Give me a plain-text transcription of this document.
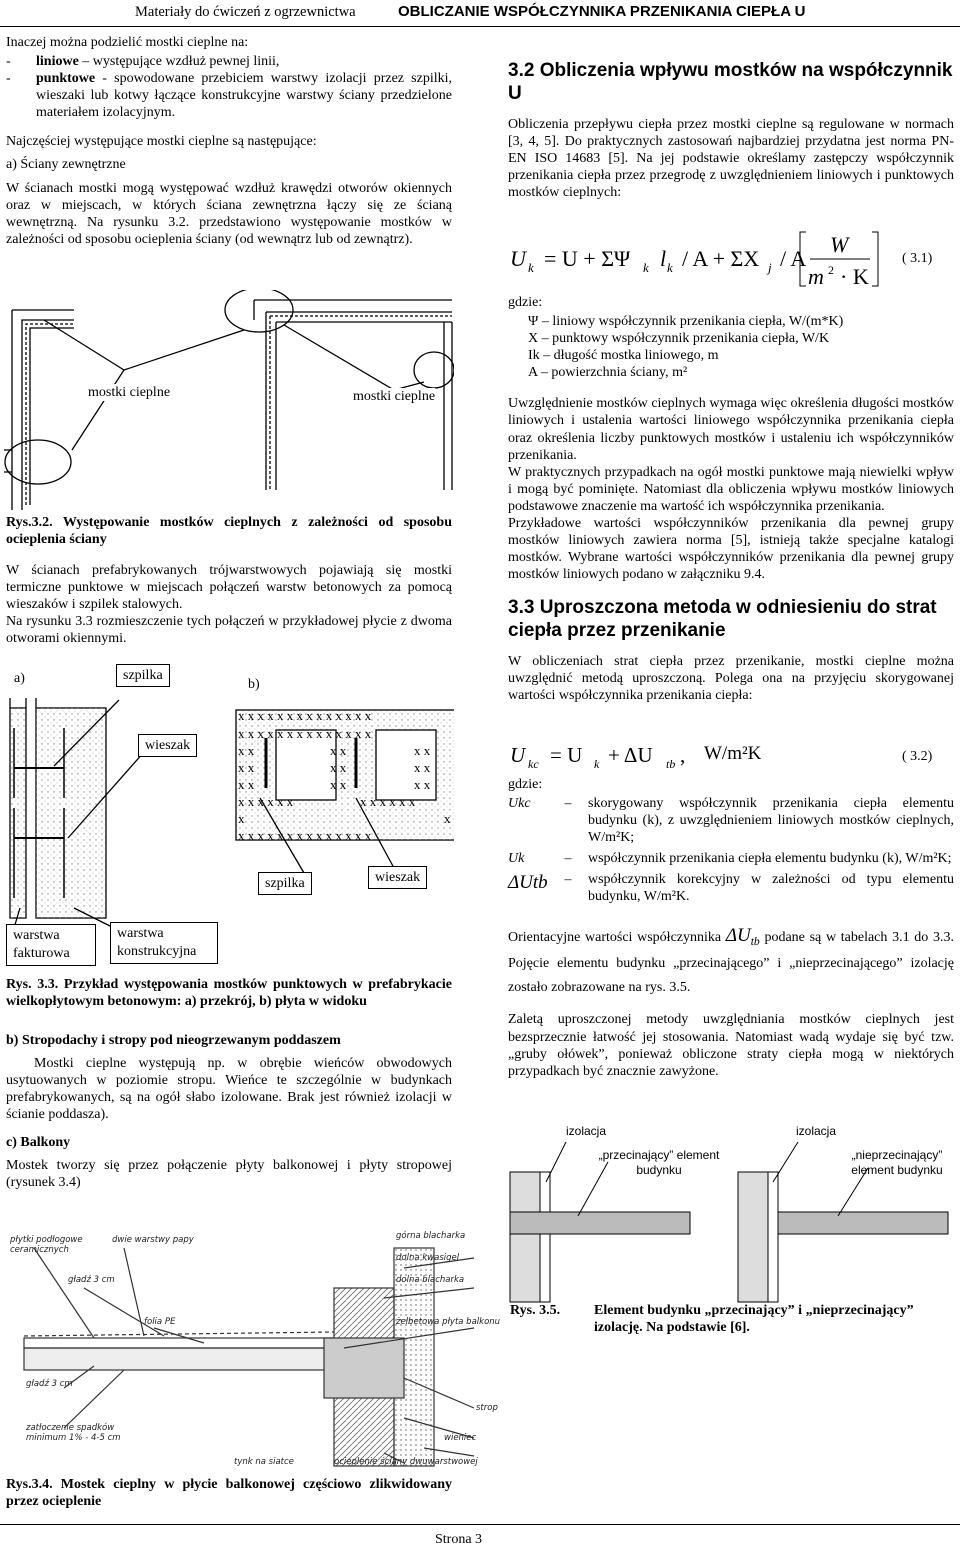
Materiały do ćwiczeń z ogrzewnictwa	OBLICZANIE WSPÓŁCZYNNIKA PRZENIKANIA CIEPŁA U

Inaczej można podzielić mostki cieplne na:

-	liniowe – występujące wzdłuż pewnej linii,
-	punktowe - spowodowane przebiciem warstwy izolacji przez szpilki, wieszaki lub kotwy łączące konstrukcyjne warstwy ściany przedzielone materiałem izolacyjnym.

Najczęściej występujące mostki cieplne są następujące:

a) Ściany zewnętrzne

W ścianach mostki mogą występować wzdłuż krawędzi otworów okiennych oraz w miejscach, w których ściana zewnętrzna łączy się ze ścianą wewnętrzną. Na rysunku 3.2. przedstawiono występowanie mostków w zależności od sposobu ocieplenia ściany (od wewnątrz lub od zewnątrz).

mostki cieplne	mostki cieplne

Rys.3.2. Występowanie mostków cieplnych z zależności od sposobu ocieplenia ściany

W ścianach prefabrykowanych trójwarstwowych pojawiają się mostki termiczne punktowe w miejscach połączeń warstw betonowych za pomocą wieszaków i szpilek stalowych.

Na rysunku 3.3 rozmieszczenie tych połączeń w przykładowej płycie z dwoma otworami okiennymi.

a)	b)
x x x x x x x x x x x x x x
x x x x x x x x x x x x x x
x x	x x	x x
x x	x x	x x
x x	x x	x x
x x x x x x	x x x x x x
x	x
x x x x x x x x x x x x x x
szpilka
wieszak
szpilka	wieszak
warstwa fakturowa
warstwa konstrukcyjna

Rys. 3.3. Przykład występowania mostków punktowych w prefabrykacie wielkopłytowym betonowym: a) przekrój, b) płyta w widoku

b) Stropodachy i stropy pod nieogrzewanym poddaszem

Mostki cieplne występują np. w obrębie wieńców obwodowych usytuowanych w poziomie stropu. Wieńce te szczególnie w budynkach prefabrykowanych, są na ogół słabo izolowane. Brak jest również izolacji w ścianie poddasza).

c) Balkony

Mostek tworzy się przez połączenie płyty balkonowej i płyty stropowej (rysunek 3.4)

płytki podłogowe
ceramicznych
dwie warstwy papy
gładź 3 cm
folia PE
gładź 3 cm
zatłoczenie spadków
minimum 1% - 4-5 cm
górna blacharka
dolna kwasigel
dolna blacharka
żelbetowa płyta balkonu
strop
wieniec
tynk na siatce	ocieplenie ściany dwuwarstwowej

Rys.3.4. Mostek cieplny w płycie balkonowej częściowo zlikwidowany przez ocieplenie

3.2 Obliczenia wpływu mostków na współczynnik U

Obliczenia przepływu ciepła przez mostki cieplne są regulowane w normach [3, 4, 5]. Do praktycznych zastosowań najbardziej przydatna jest norma PN-EN ISO 14683 [5]. Na jej podstawie określamy zastępczy współczynnik przenikania ciepła przez przegrodę z uwzględnieniem liniowych i punktowych mostków cieplnych:

U k = U + ΣΨ k l k / A + ΣX j / A
W
m 2 · K
( 3.1)

gdzie:

Ψ – liniowy współczynnik przenikania ciepła, W/(m*K)
X – punktowy współczynnik przenikania ciepła, W/K
Ik – długość mostka liniowego, m
A – powierzchnia ściany, m²

Uwzględnienie mostków cieplnych wymaga więc określenia długości mostków liniowych i ustalenia wartości liniowego współczynnika przenikania ciepła oraz określenia liczby punktowych mostków i ustaleniu ich współczynników przenikania.

W praktycznych przypadkach na ogół mostki punktowe mają niewielki wpływ i mogą być pominięte. Natomiast dla obliczenia wpływu mostków liniowych podstawowe znaczenie ma wartość ich współczynnika przenikania.

Przykładowe wartości współczynników przenikania dla pewnej grupy mostków liniowych zawiera norma [5], istnieją także specjalne katalogi mostków. Wybrane wartości współczynników przenikania dla pewnej grupy mostków liniowych podano w załączniku 9.4.

3.3 Uproszczona metoda w odniesieniu do strat ciepła przez przenikanie

W obliczeniach strat ciepła przez przenikanie, mostki cieplne można uwzględnić metodą uproszczoną. Polega ona na przyjęciu skorygowanej wartości współczynnika przenikania ciepła:

U kc = U k + ΔU tb , W/m²K	( 3.2)

gdzie:

Ukc	–	skorygowany współczynnik przenikania ciepła elementu budynku (k), z uwzględnieniem liniowych mostków cieplnych, W/m²K;
Uk	–	współczynnik przenikania ciepła elementu budynku (k), W/m²K;
ΔUtb	–	współczynnik korekcyjny w zależności od typu elementu budynku, W/m²K.

Orientacyjne wartości współczynnika $\Delta U_{tb}$ podane są w tabelach 3.1 do 3.3. Pojęcie elementu budynku „przecinającego” i „nieprzecinającego” izolację zostało zobrazowane na rys. 3.5.

Zaletą uproszczonej metody uwzględniania mostków cieplnych jest bezsprzecznie łatwość jej stosowania. Natomiast wadą wydaje się być tzw. „gruby ołówek”, ponieważ obliczone straty ciepła mogą w niektórych przypadkach być znacznie zawyżone.

izolacja
„przecinający” element budynku
izolacja
„nieprzecinający” element budynku
Rys. 3.5.	Element budynku „przecinający” i „nieprzecinający” izolację. Na podstawie [6].
Strona 3
